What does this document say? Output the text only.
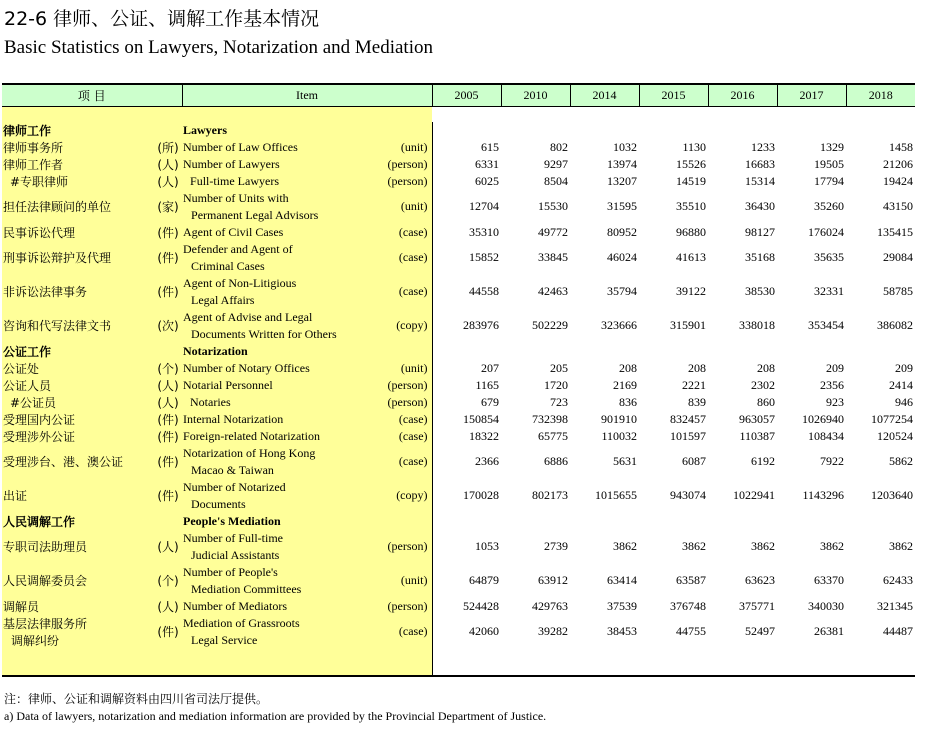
22-6 律师、公证、调解工作基本情况
Basic Statistics on Lawyers, Notarization and Mediation
项 目		Item		2005	2010	2014	2015	2016	2017	2018

律师工作		Lawyers								
律师事务所	(所)	Number of Law Offices	(unit)	615	802	1032	1130	1233	1329	1458
律师工作者	(人)	Number of Lawyers	(person)	6331	9297	13974	15526	16683	19505	21206
#专职律师	(人)	Full-time Lawyers	(person)	6025	8504	13207	14519	15314	17794	19424
担任法律顾问的单位	(家)	Number of Units with
Permanent Legal Advisors	(unit)	12704	15530	31595	35510	36430	35260	43150
民事诉讼代理	(件)	Agent of Civil Cases	(case)	35310	49772	80952	96880	98127	176024	135415
刑事诉讼辩护及代理	(件)	Defender and Agent of
Criminal Cases	(case)	15852	33845	46024	41613	35168	35635	29084
非诉讼法律事务	(件)	Agent of Non-Litigious
Legal Affairs	(case)	44558	42463	35794	39122	38530	32331	58785
咨询和代写法律文书	(次)	Agent of Advise and Legal
Documents Written for Others	(copy)	283976	502229	323666	315901	338018	353454	386082
公证工作		Notarization								
公证处	(个)	Number of Notary Offices	(unit)	207	205	208	208	208	209	209
公证人员	(人)	Notarial Personnel	(person)	1165	1720	2169	2221	2302	2356	2414
#公证员	(人)	Notaries	(person)	679	723	836	839	860	923	946
受理国内公证	(件)	Internal Notarization	(case)	150854	732398	901910	832457	963057	1026940	1077254
受理涉外公证	(件)	Foreign-related Notarization	(case)	18322	65775	110032	101597	110387	108434	120524
受理涉台、港、澳公证	(件)	Notarization of Hong Kong
Macao & Taiwan	(case)	2366	6886	5631	6087	6192	7922	5862
出证	(件)	Number of Notarized
Documents	(copy)	170028	802173	1015655	943074	1022941	1143296	1203640
人民调解工作		People's Mediation								
专职司法助理员	(人)	Number of Full-time
Judicial Assistants	(person)	1053	2739	3862	3862	3862	3862	3862
人民调解委员会	(个)	Number of People's
Mediation Committees	(unit)	64879	63912	63414	63587	63623	63370	62433
调解员	(人)	Number of Mediators	(person)	524428	429763	37539	376748	375771	340030	321345

基层法律服务所
调解纠纷	(件)	Mediation of Grassroots
Legal Service	(case)	42060	39282	38453	44755	52497	26381	44487

注：律师、公证和调解资料由四川省司法厅提供。
a) Data of lawyers, notarization and mediation information are provided by the Provincial Department of Justice.
